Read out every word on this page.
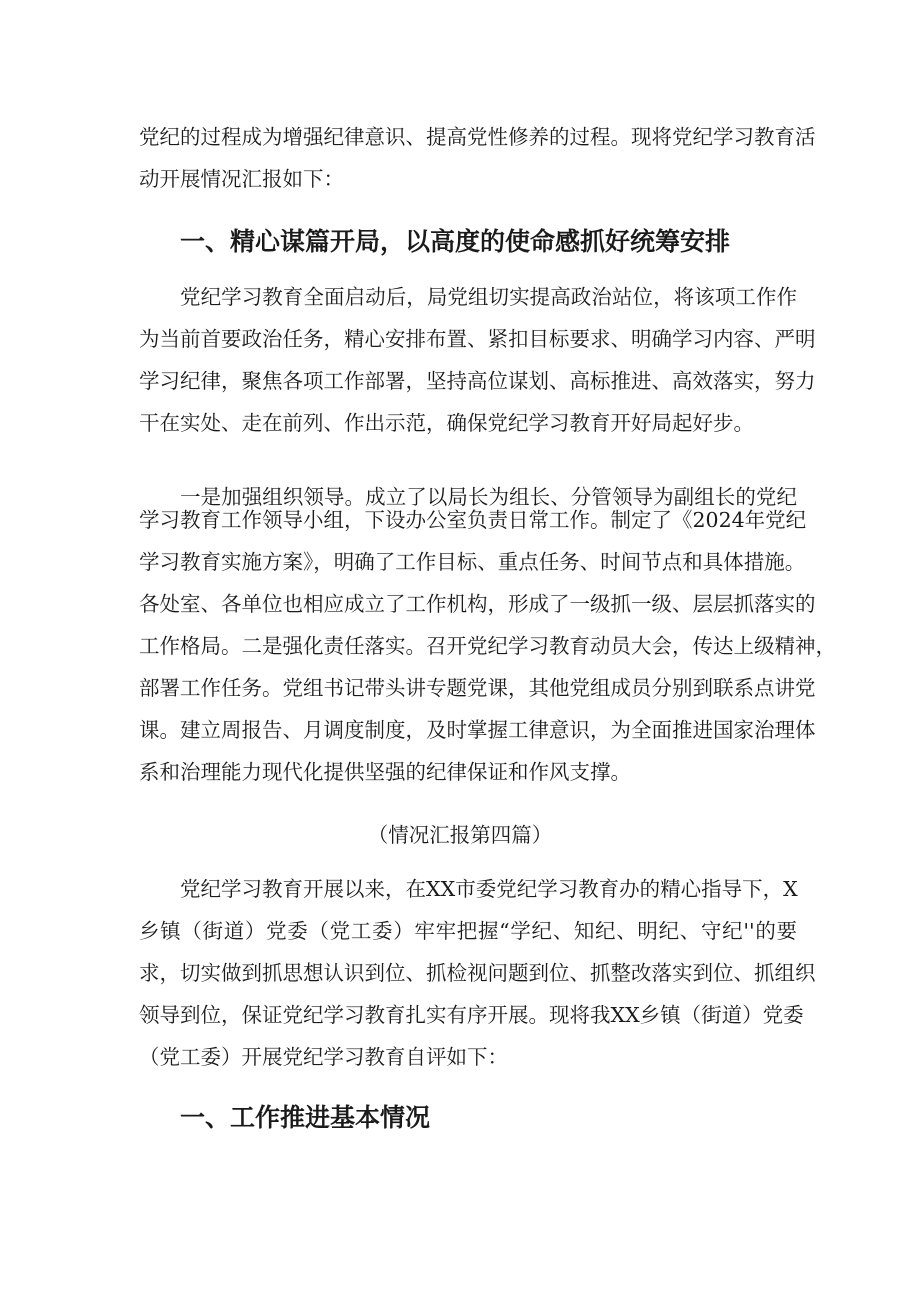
党纪的过程成为增强纪律意识、提高党性修养的过程。现将党纪学习教育活
动开展情况汇报如下：
一、精心谋篇开局，以高度的使命感抓好统筹安排
党纪学习教育全面启动后，局党组切实提高政治站位，将该项工作作
为当前首要政治任务，精心安排布置、紧扣目标要求、明确学习内容、严明
学习纪律，聚焦各项工作部署，坚持高位谋划、高标推进、高效落实，努力
干在实处、走在前列、作出示范，确保党纪学习教育开好局起好步。
一是加强组织领导。成立了以局长为组长、分管领导为副组长的党纪
学习教育工作领导小组，下设办公室负责日常工作。制定了《2024年党纪
学习教育实施方案》，明确了工作目标、重点任务、时间节点和具体措施。
各处室、各单位也相应成立了工作机构，形成了一级抓一级、层层抓落实的
工作格局。二是强化责任落实。召开党纪学习教育动员大会，传达上级精神，
部署工作任务。党组书记带头讲专题党课，其他党组成员分别到联系点讲党
课。建立周报告、月调度制度，及时掌握工律意识，为全面推进国家治理体
系和治理能力现代化提供坚强的纪律保证和作风支撑。
（情况汇报第四篇）
党纪学习教育开展以来，在XX市委党纪学习教育办的精心指导下，X
乡镇（街道）党委（党工委）牢牢把握“学纪、知纪、明纪、守纪''的要
求，切实做到抓思想认识到位、抓检视问题到位、抓整改落实到位、抓组织
领导到位，保证党纪学习教育扎实有序开展。现将我XX乡镇（街道）党委
（党工委）开展党纪学习教育自评如下：
一、工作推进基本情况
